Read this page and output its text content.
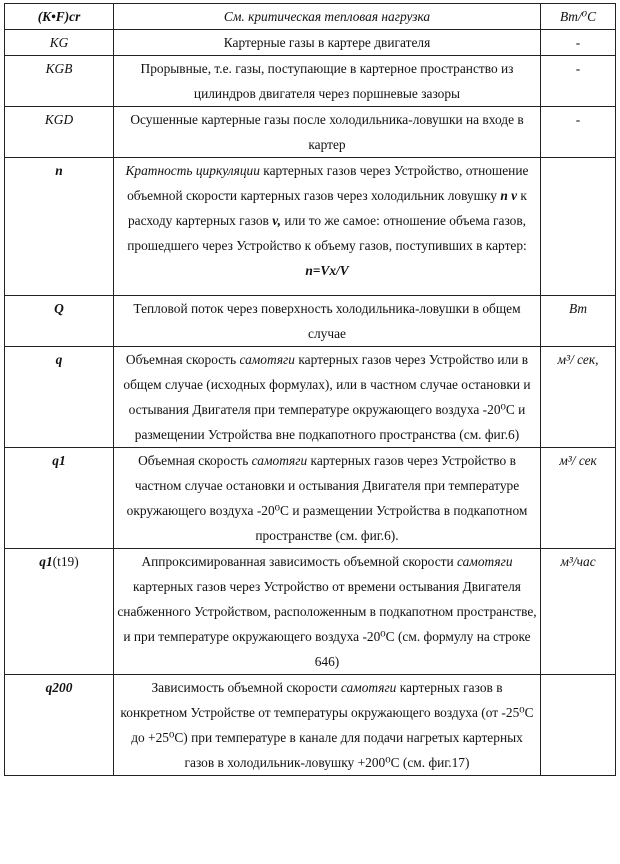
(K•F)cr	См. критическая тепловая нагрузка	Вт/⁰С
KG	Картерные газы в картере двигателя	-
KGB	Прорывные, т.е. газы, поступающие в картерное пространство из цилиндров двигателя через поршневые зазоры	-
KGD	Осушенные картерные газы после холодильника-ловушки на входе в картер	-
n	Кратность циркуляции картерных газов через Устройство, отношение объемной скорости картерных газов через холодильник ловушку n v к расходу картерных газов v, или то же самое: отношение объема газов, прошедшего через Устройство к объему газов, поступивших в картер: n=Vx/V	
Q	Тепловой поток через поверхность холодильника-ловушки в общем случае	Вт
q	Объемная скорость самотяги картерных газов через Устройство или в общем случае (исходных формулах), или в частном случае остановки и остывания Двигателя при температуре окружающего воздуха -20⁰С и размещении Устройства вне подкапотного пространства (см. фиг.6)	м³/ сек,
q1	Объемная скорость самотяги картерных газов через Устройство в частном случае остановки и остывания Двигателя при температуре окружающего воздуха -20⁰С и размещении Устройства в подкапотном пространстве (см. фиг.6).	м³/ сек
q1(t19)	Аппроксимированная зависимость объемной скорости самотяги картерных газов через Устройство от времени остывания Двигателя снабженного Устройством, расположенным в подкапотном пространстве, и при температуре окружающего воздуха -20⁰С (см. формулу на строке 646)	м³/час
q200	Зависимость объемной скорости самотяги картерных газов в конкретном Устройстве от температуры окружающего воздуха (от -25⁰С до +25⁰С) при температуре в канале для подачи нагретых картерных газов в холодильник-ловушку +200⁰С (см. фиг.17)	
